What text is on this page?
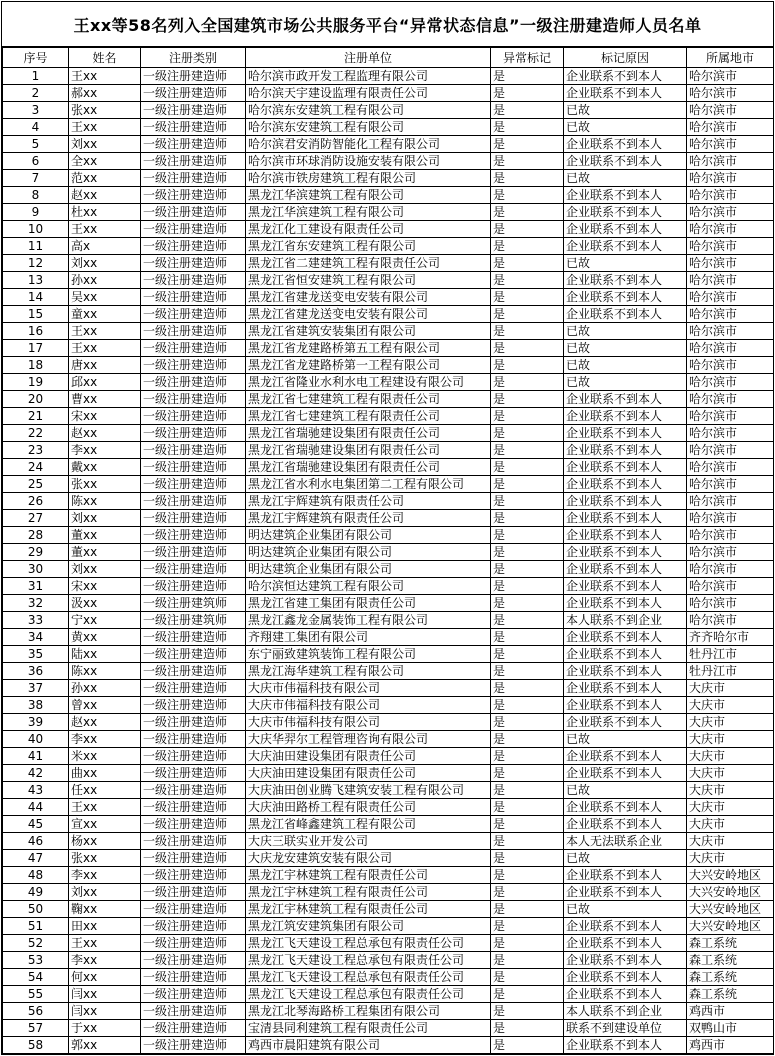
王xx等58名列入全国建筑市场公共服务平台“异常状态信息”一级注册建造师人员名单
序号	姓名	注册类别	注册单位	异常标记	标记原因	所属地市
1	王xx	一级注册建造师	哈尔滨市政开发工程监理有限公司	是	企业联系不到本人	哈尔滨市
2	郝xx	一级注册建造师	哈尔滨天宇建设监理有限责任公司	是	企业联系不到本人	哈尔滨市
3	张xx	一级注册建造师	哈尔滨东安建筑工程有限公司	是	已故	哈尔滨市
4	王xx	一级注册建造师	哈尔滨东安建筑工程有限公司	是	已故	哈尔滨市
5	刘xx	一级注册建造师	哈尔滨君安消防智能化工程有限公司	是	企业联系不到本人	哈尔滨市
6	全xx	一级注册建造师	哈尔滨市环球消防设施安装有限公司	是	企业联系不到本人	哈尔滨市
7	范xx	一级注册建造师	哈尔滨市铁房建筑工程有限公司	是	已故	哈尔滨市
8	赵xx	一级注册建造师	黑龙江华滨建筑工程有限公司	是	企业联系不到本人	哈尔滨市
9	杜xx	一级注册建造师	黑龙江华滨建筑工程有限公司	是	企业联系不到本人	哈尔滨市
10	王xx	一级注册建造师	黑龙江化工建设有限责任公司	是	企业联系不到本人	哈尔滨市
11	高x	一级注册建造师	黑龙江省东安建筑工程有限公司	是	企业联系不到本人	哈尔滨市
12	刘xx	一级注册建造师	黑龙江省二建建筑工程有限责任公司	是	已故	哈尔滨市
13	孙xx	一级注册建造师	黑龙江省恒安建筑工程有限公司	是	企业联系不到本人	哈尔滨市
14	吴xx	一级注册建造师	黑龙江省建龙送变电安装有限公司	是	企业联系不到本人	哈尔滨市
15	童xx	一级注册建造师	黑龙江省建龙送变电安装有限公司	是	企业联系不到本人	哈尔滨市
16	王xx	一级注册建造师	黑龙江省建筑安装集团有限公司	是	已故	哈尔滨市
17	王xx	一级注册建造师	黑龙江省龙建路桥第五工程有限公司	是	已故	哈尔滨市
18	唐xx	一级注册建造师	黑龙江省龙建路桥第一工程有限公司	是	已故	哈尔滨市
19	邱xx	一级注册建造师	黑龙江省隆业水利水电工程建设有限公司	是	已故	哈尔滨市
20	曹xx	一级注册建造师	黑龙江省七建建筑工程有限责任公司	是	企业联系不到本人	哈尔滨市
21	宋xx	一级注册建造师	黑龙江省七建建筑工程有限责任公司	是	企业联系不到本人	哈尔滨市
22	赵xx	一级注册建造师	黑龙江省瑞驰建设集团有限责任公司	是	企业联系不到本人	哈尔滨市
23	李xx	一级注册建造师	黑龙江省瑞驰建设集团有限责任公司	是	企业联系不到本人	哈尔滨市
24	戴xx	一级注册建造师	黑龙江省瑞驰建设集团有限责任公司	是	企业联系不到本人	哈尔滨市
25	张xx	一级注册建造师	黑龙江省水利水电集团第二工程有限公司	是	企业联系不到本人	哈尔滨市
26	陈xx	一级注册建造师	黑龙江宇辉建筑有限责任公司	是	企业联系不到本人	哈尔滨市
27	刘xx	一级注册建造师	黑龙江宇辉建筑有限责任公司	是	企业联系不到本人	哈尔滨市
28	董xx	一级注册建造师	明达建筑企业集团有限公司	是	企业联系不到本人	哈尔滨市
29	董xx	一级注册建造师	明达建筑企业集团有限公司	是	企业联系不到本人	哈尔滨市
30	刘xx	一级注册建造师	明达建筑企业集团有限公司	是	企业联系不到本人	哈尔滨市
31	宋xx	一级注册建造师	哈尔滨恒达建筑工程有限公司	是	企业联系不到本人	哈尔滨市
32	汲xx	一级注册建筑师	黑龙江省建工集团有限责任公司	是	企业联系不到本人	哈尔滨市
33	宁xx	一级注册建筑师	黑龙江鑫龙金属装饰工程有限公司	是	本人联系不到企业	哈尔滨市
34	黄xx	一级注册建造师	齐翔建工集团有限公司	是	企业联系不到本人	齐齐哈尔市
35	陆xx	一级注册建造师	东宁丽致建筑装饰工程有限公司	是	企业联系不到本人	牡丹江市
36	陈xx	一级注册建造师	黑龙江海华建筑工程有限公司	是	企业联系不到本人	牡丹江市
37	孙xx	一级注册建造师	大庆市伟福科技有限公司	是	企业联系不到本人	大庆市
38	曾xx	一级注册建造师	大庆市伟福科技有限公司	是	企业联系不到本人	大庆市
39	赵xx	一级注册建造师	大庆市伟福科技有限公司	是	企业联系不到本人	大庆市
40	李xx	一级注册建造师	大庆华羿尔工程管理咨询有限公司	是	已故	大庆市
41	米xx	一级注册建造师	大庆油田建设集团有限责任公司	是	企业联系不到本人	大庆市
42	曲xx	一级注册建造师	大庆油田建设集团有限责任公司	是	企业联系不到本人	大庆市
43	任xx	一级注册建造师	大庆油田创业腾飞建筑安装工程有限公司	是	已故	大庆市
44	王xx	一级注册建造师	大庆油田路桥工程有限责任公司	是	企业联系不到本人	大庆市
45	宣xx	一级注册建造师	黑龙江省峰鑫建筑工程有限公司	是	企业联系不到本人	大庆市
46	杨xx	一级注册建造师	大庆三联实业开发公司	是	本人无法联系企业	大庆市
47	张xx	一级注册建造师	大庆龙安建筑安装有限公司	是	已故	大庆市
48	李xx	一级注册建造师	黑龙江宇林建筑工程有限责任公司	是	企业联系不到本人	大兴安岭地区
49	刘xx	一级注册建造师	黑龙江宇林建筑工程有限责任公司	是	企业联系不到本人	大兴安岭地区
50	鞠xx	一级注册建造师	黑龙江宇林建筑工程有限责任公司	是	已故	大兴安岭地区
51	田xx	一级注册建造师	黑龙江筑安建筑集团有限公司	是	企业联系不到本人	大兴安岭地区
52	王xx	一级注册建造师	黑龙江飞天建设工程总承包有限责任公司	是	企业联系不到本人	森工系统
53	李xx	一级注册建造师	黑龙江飞天建设工程总承包有限责任公司	是	企业联系不到本人	森工系统
54	何xx	一级注册建造师	黑龙江飞天建设工程总承包有限责任公司	是	企业联系不到本人	森工系统
55	闫xx	一级注册建造师	黑龙江飞天建设工程总承包有限责任公司	是	企业联系不到本人	森工系统
56	闫xx	一级注册建造师	黑龙江北琴海路桥工程集团有限公司	是	本人联系不到企业	鸡西市
57	于xx	一级注册建造师	宝清县同利建筑工程有限责任公司	是	联系不到建设单位	双鸭山市
58	郭xx	一级注册建造师	鸡西市晨阳建筑有限公司	是	企业联系不到本人	鸡西市
